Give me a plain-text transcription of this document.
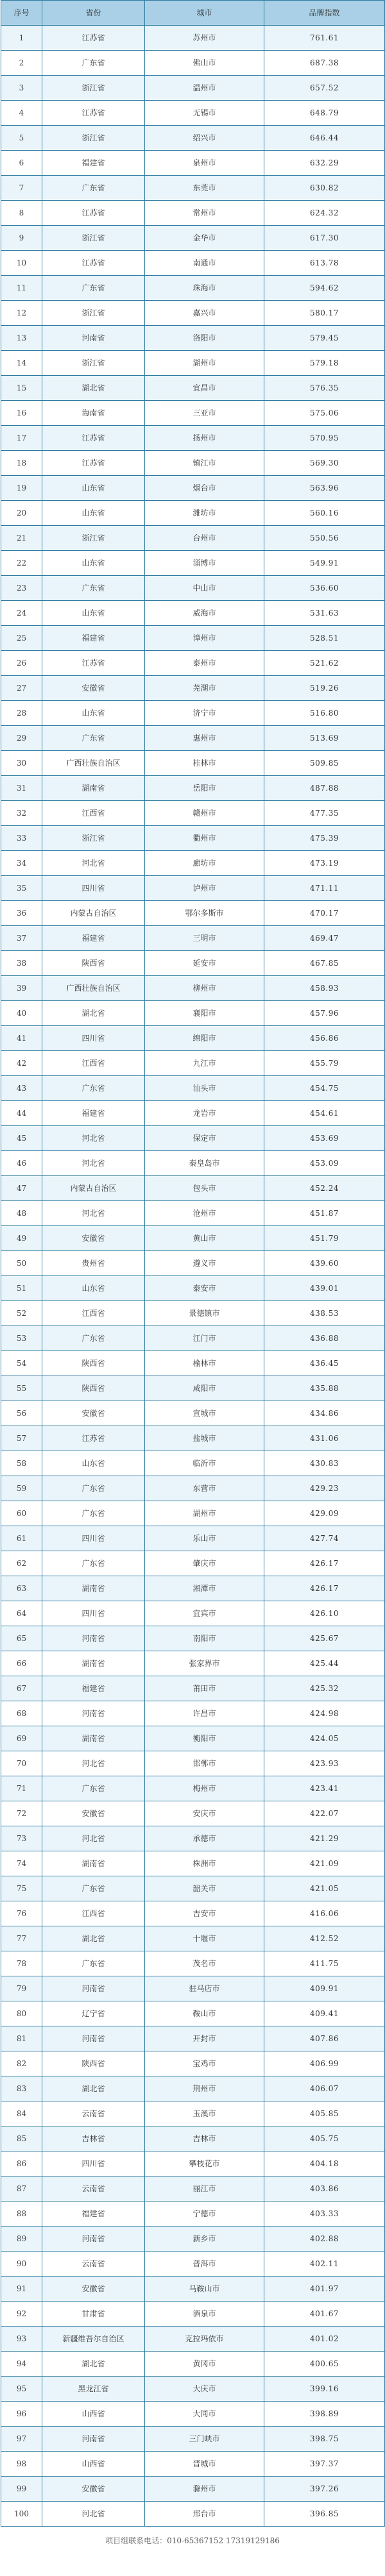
序号	省份	城市	品牌指数
1	江苏省	苏州市	761.61
2	广东省	佛山市	687.38
3	浙江省	温州市	657.52
4	江苏省	无锡市	648.79
5	浙江省	绍兴市	646.44
6	福建省	泉州市	632.29
7	广东省	东莞市	630.82
8	江苏省	常州市	624.32
9	浙江省	金华市	617.30
10	江苏省	南通市	613.78
11	广东省	珠海市	594.62
12	浙江省	嘉兴市	580.17
13	河南省	洛阳市	579.45
14	浙江省	湖州市	579.18
15	湖北省	宜昌市	576.35
16	海南省	三亚市	575.06
17	江苏省	扬州市	570.95
18	江苏省	镇江市	569.30
19	山东省	烟台市	563.96
20	山东省	潍坊市	560.16
21	浙江省	台州市	550.56
22	山东省	淄博市	549.91
23	广东省	中山市	536.60
24	山东省	威海市	531.63
25	福建省	漳州市	528.51
26	江苏省	泰州市	521.62
27	安徽省	芜湖市	519.26
28	山东省	济宁市	516.80
29	广东省	惠州市	513.69
30	广西壮族自治区	桂林市	509.85
31	湖南省	岳阳市	487.88
32	江西省	赣州市	477.35
33	浙江省	衢州市	475.39
34	河北省	廊坊市	473.19
35	四川省	泸州市	471.11
36	内蒙古自治区	鄂尔多斯市	470.17
37	福建省	三明市	469.47
38	陕西省	延安市	467.85
39	广西壮族自治区	柳州市	458.93
40	湖北省	襄阳市	457.96
41	四川省	绵阳市	456.86
42	江西省	九江市	455.79
43	广东省	汕头市	454.75
44	福建省	龙岩市	454.61
45	河北省	保定市	453.69
46	河北省	秦皇岛市	453.09
47	内蒙古自治区	包头市	452.24
48	河北省	沧州市	451.87
49	安徽省	黄山市	451.79
50	贵州省	遵义市	439.60
51	山东省	泰安市	439.01
52	江西省	景德镇市	438.53
53	广东省	江门市	436.88
54	陕西省	榆林市	436.45
55	陕西省	咸阳市	435.88
56	安徽省	宣城市	434.86
57	江苏省	盐城市	431.06
58	山东省	临沂市	430.83
59	广东省	东营市	429.23
60	广东省	湖州市	429.09
61	四川省	乐山市	427.74
62	广东省	肇庆市	426.17
63	湖南省	湘潭市	426.17
64	四川省	宜宾市	426.10
65	河南省	南阳市	425.67
66	湖南省	张家界市	425.44
67	福建省	莆田市	425.32
68	河南省	许昌市	424.98
69	湖南省	衡阳市	424.05
70	河北省	邯郸市	423.93
71	广东省	梅州市	423.41
72	安徽省	安庆市	422.07
73	河北省	承德市	421.29
74	湖南省	株洲市	421.09
75	广东省	韶关市	421.05
76	江西省	吉安市	416.06
77	湖北省	十堰市	412.52
78	广东省	茂名市	411.75
79	河南省	驻马店市	409.91
80	辽宁省	鞍山市	409.41
81	河南省	开封市	407.86
82	陕西省	宝鸡市	406.99
83	湖北省	荆州市	406.07
84	云南省	玉溪市	405.85
85	吉林省	吉林市	405.75
86	四川省	攀枝花市	404.18
87	云南省	丽江市	403.86
88	福建省	宁德市	403.33
89	河南省	新乡市	402.88
90	云南省	普洱市	402.11
91	安徽省	马鞍山市	401.97
92	甘肃省	酒泉市	401.67
93	新疆维吾尔自治区	克拉玛依市	401.02
94	湖北省	黄冈市	400.65
95	黑龙江省	大庆市	399.16
96	山西省	大同市	398.89
97	河南省	三门峡市	398.75
98	山西省	晋城市	397.37
99	安徽省	滁州市	397.26
100	河北省	邢台市	396.85
项目组联系电话：010-65367152 17319129186
